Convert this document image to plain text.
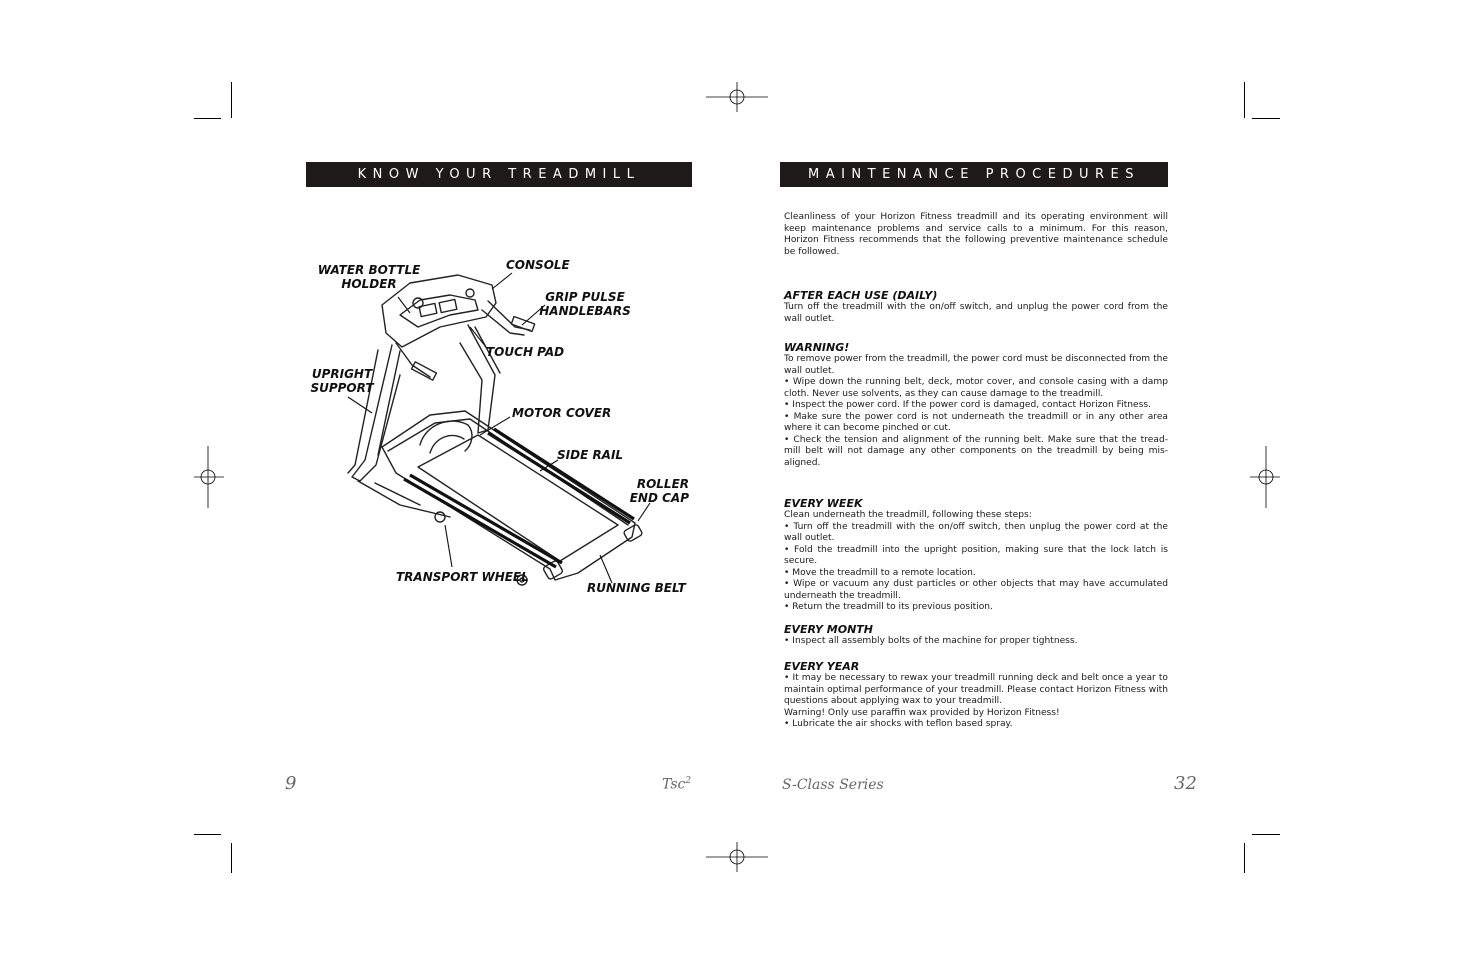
KNOW YOUR TREADMILL
WATER BOTTLE
HOLDER
CONSOLE
GRIP PULSE
HANDLEBARS
TOUCH PAD
UPRIGHT
SUPPORT
MOTOR COVER
SIDE RAIL
ROLLER
END CAP
TRANSPORT WHEEL
RUNNING BELT
9	Tsc$^2$
MAINTENANCE PROCEDURES

Cleanliness of your Horizon Fitness treadmill and its operating environment will keep maintenance problems and service calls to a minimum. For this reason, Horizon Fitness recommends that the following preventive maintenance schedule be followed.

AFTER EACH USE (DAILY)

Turn off the treadmill with the on/off switch, and unplug the power cord from the wall outlet.

WARNING!

To remove power from the treadmill, the power cord must be disconnected from the wall outlet.

• Wipe down the running belt, deck, motor cover, and console casing with a damp cloth. Never use solvents, as they can cause damage to the treadmill.

• Inspect the power cord. If the power cord is damaged, contact Horizon Fitness.

• Make sure the power cord is not underneath the treadmill or in any other area where it can become pinched or cut.

• Check the tension and alignment of the running belt. Make sure that the tread-mill belt will not damage any other components on the treadmill by being mis-aligned.

EVERY WEEK

Clean underneath the treadmill, following these steps:

• Turn off the treadmill with the on/off switch, then unplug the power cord at the wall outlet.

• Fold the treadmill into the upright position, making sure that the lock latch is secure.

• Move the treadmill to a remote location.

• Wipe or vacuum any dust particles or other objects that may have accumulated underneath the treadmill.

• Return the treadmill to its previous position.

EVERY MONTH

• Inspect all assembly bolts of the machine for proper tightness.

EVERY YEAR

• It may be necessary to rewax your treadmill running deck and belt once a year to maintain optimal performance of your treadmill. Please contact Horizon Fitness with questions about applying wax to your treadmill.

Warning! Only use paraffin wax provided by Horizon Fitness!

• Lubricate the air shocks with teflon based spray.

S-Class Series	32
